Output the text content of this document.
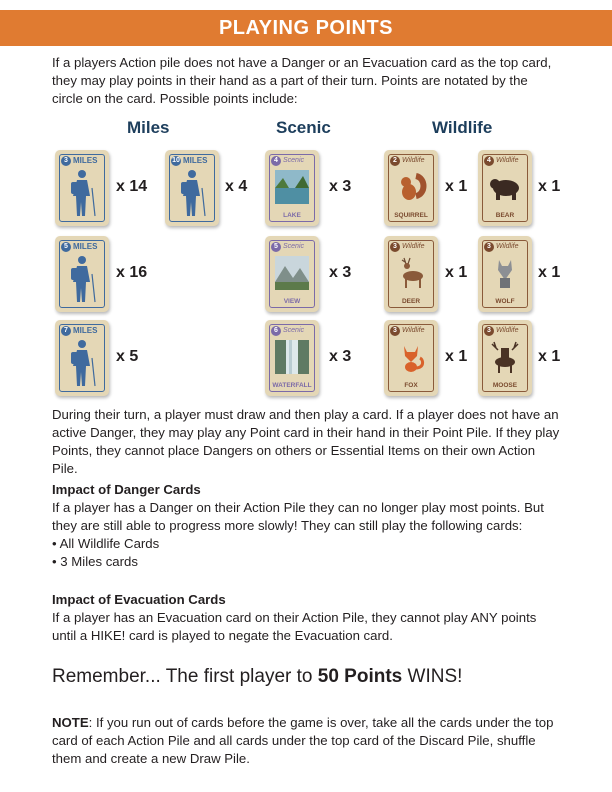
PLAYING POINTS
If a players Action pile does not have a Danger or an Evacuation card as the top card, they may play points in their hand as a part of their turn. Points are notated by the circle on the card. Possible points include:
Miles	Scenic	Wildlife
3 MILES
x 14
10 MILES
x 4
5 MILES
x 16
7 MILES
x 5
4 Scenic
LAKE
x 3
5 Scenic
VIEW
x 3
6 Scenic
WATERFALL
x 3
2 Wildlife
SQUIRREL
x 1
4 Wildlife
BEAR
x 1
3 Wildlife
DEER
x 1
3 Wildlife
WOLF
x 1
3 Wildlife
FOX
x 1
3 Wildlife
MOOSE
x 1
During their turn, a player must draw and then play a card. If a player does not have an active Danger, they may play any Point card in their hand in their Point Pile. If they play Points, they cannot place Dangers on others or Essential Items on their own Action Pile.
Impact of Danger Cards
If a player has a Danger on their Action Pile they can no longer play most points. But they are still able to progress more slowly! They can still play the following cards:
• All Wildlife Cards
• 3 Miles cards
Impact of Evacuation Cards
If a player has an Evacuation card on their Action Pile, they cannot play ANY points until a HIKE! card is played to negate the Evacuation card.
Remember... The first player to 50 Points WINS!
NOTE: If you run out of cards before the game is over, take all the cards under the top card of each Action Pile and all cards under the top card of the Discard Pile, shuffle them and create a new Draw Pile.
